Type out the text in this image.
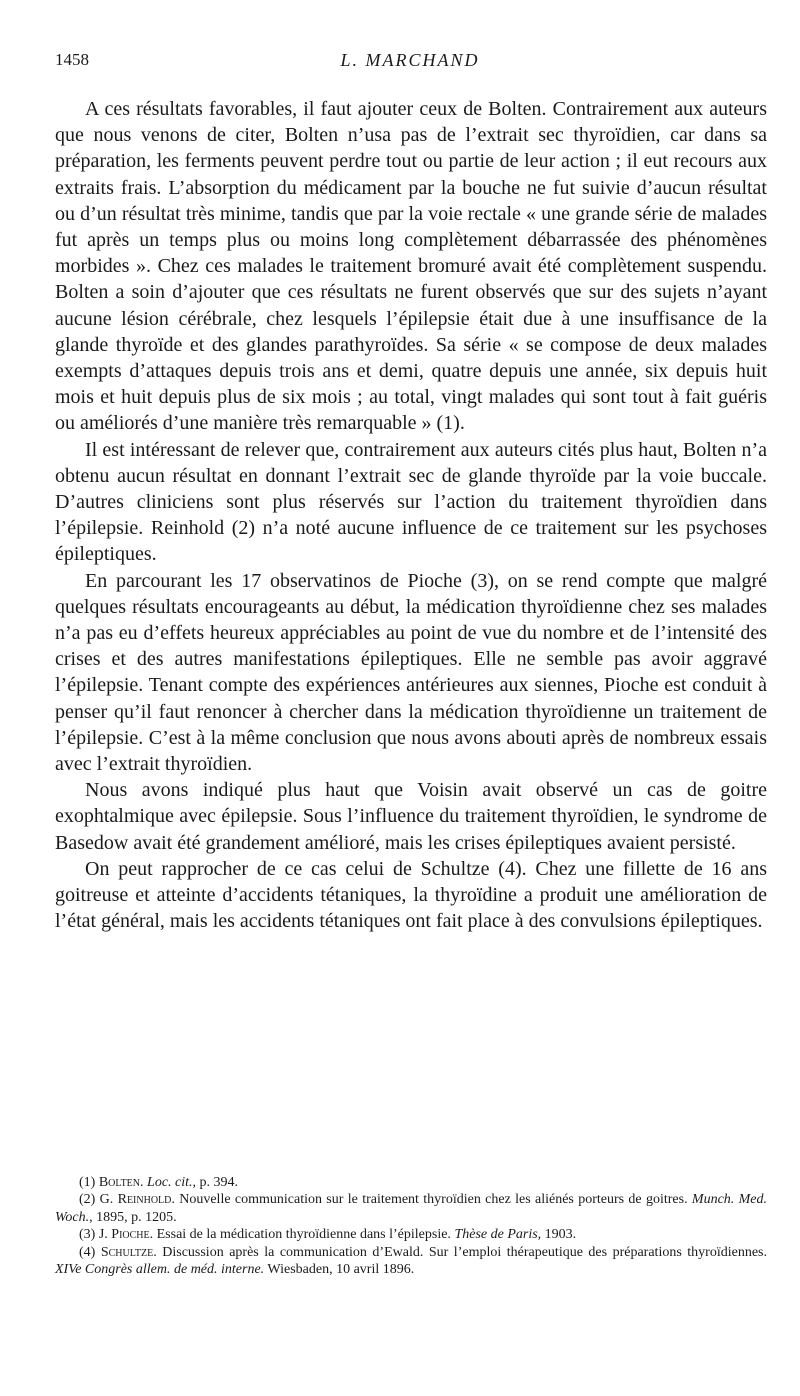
1458	L. MARCHAND

A ces résultats favorables, il faut ajouter ceux de Bolten. Contrairement aux auteurs que nous venons de citer, Bolten n’usa pas de l’extrait sec thyroïdien, car dans sa préparation, les ferments peuvent perdre tout ou partie de leur action ; il eut recours aux extraits frais. L’absorption du médicament par la bouche ne fut suivie d’aucun résultat ou d’un résultat très minime, tandis que par la voie rectale « une grande série de malades fut après un temps plus ou moins long complètement débarrassée des phénomènes morbides ». Chez ces malades le traitement bromuré avait été complètement suspendu. Bolten a soin d’ajouter que ces résultats ne furent observés que sur des sujets n’ayant aucune lésion cérébrale, chez lesquels l’épilepsie était due à une insuffisance de la glande thyroïde et des glandes parathyroïdes. Sa série « se compose de deux malades exempts d’attaques depuis trois ans et demi, quatre depuis une année, six depuis huit mois et huit depuis plus de six mois ; au total, vingt malades qui sont tout à fait guéris ou améliorés d’une manière très remarquable » (1).

Il est intéressant de relever que, contrairement aux auteurs cités plus haut, Bolten n’a obtenu aucun résultat en donnant l’extrait sec de glande thyroïde par la voie buccale. D’autres cliniciens sont plus réservés sur l’action du traitement thyroïdien dans l’épilepsie. Reinhold (2) n’a noté aucune influence de ce traitement sur les psychoses épileptiques.

En parcourant les 17 observatinos de Pioche (3), on se rend compte que malgré quelques résultats encourageants au début, la médication thyroïdienne chez ses malades n’a pas eu d’effets heureux appréciables au point de vue du nombre et de l’intensité des crises et des autres manifestations épileptiques. Elle ne semble pas avoir aggravé l’épilepsie. Tenant compte des expériences antérieures aux siennes, Pioche est conduit à penser qu’il faut renoncer à chercher dans la médication thyroïdienne un traitement de l’épilepsie. C’est à la même conclusion que nous avons abouti après de nombreux essais avec l’extrait thyroïdien.

Nous avons indiqué plus haut que Voisin avait observé un cas de goitre exophtalmique avec épilepsie. Sous l’influence du traitement thyroïdien, le syndrome de Basedow avait été grandement amélioré, mais les crises épileptiques avaient persisté.

On peut rapprocher de ce cas celui de Schultze (4). Chez une fillette de 16 ans goitreuse et atteinte d’accidents tétaniques, la thyroïdine a produit une amélioration de l’état général, mais les accidents tétaniques ont fait place à des convulsions épileptiques.

(1) Bolten. Loc. cit., p. 394.

(2) G. Reinhold. Nouvelle communication sur le traitement thyroïdien chez les aliénés porteurs de goitres. Munch. Med. Woch., 1895, p. 1205.

(3) J. Pioche. Essai de la médication thyroïdienne dans l’épilepsie. Thèse de Paris, 1903.

(4) Schultze. Discussion après la communication d’Ewald. Sur l’emploi thérapeutique des préparations thyroïdiennes. XIVe Congrès allem. de méd. interne. Wiesbaden, 10 avril 1896.
